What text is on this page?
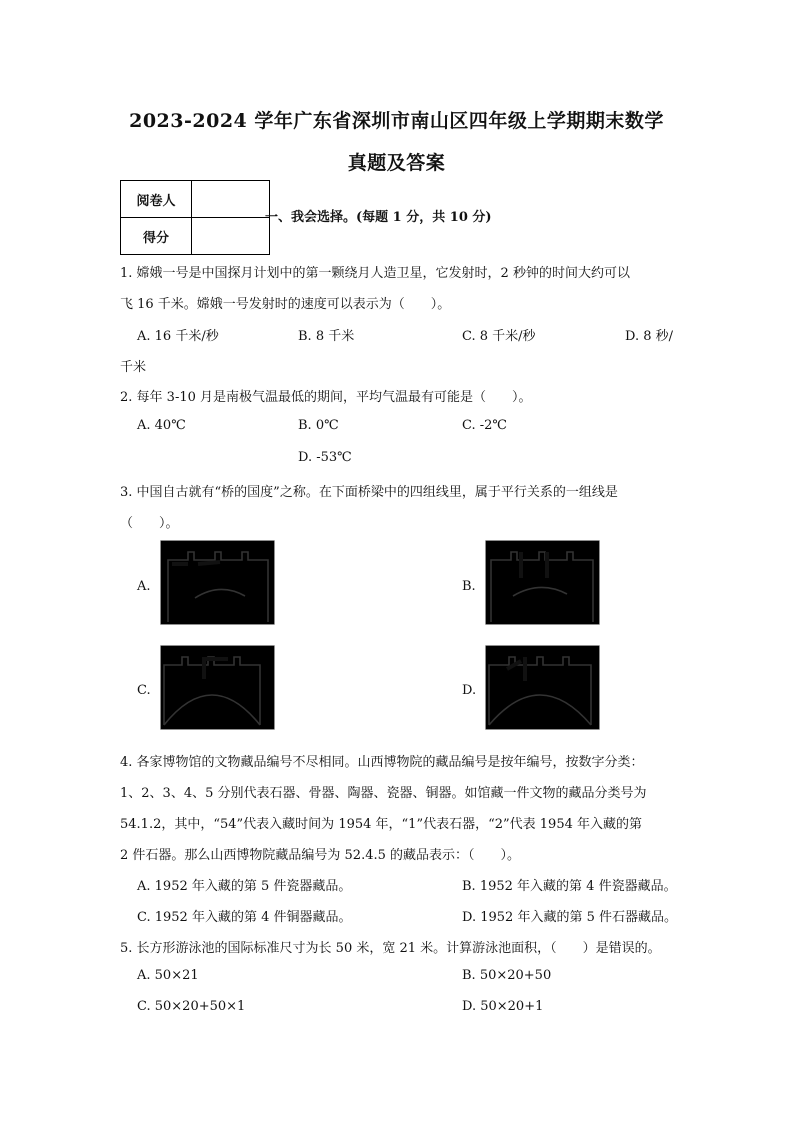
2023-2024 学年广东省深圳市南山区四年级上学期期末数学
真题及答案
阅卷人	
得分	
一、我会选择。(每题 1 分，共 10 分)
1. 嫦娥一号是中国探月计划中的第一颗绕月人造卫星，它发射时，2 秒钟的时间大约可以
飞 16 千米。嫦娥一号发射时的速度可以表示为（　　）。
A. 16 千米/秒	B. 8 千米	C. 8 千米/秒	D. 8 秒/
千米
2. 每年 3-10 月是南极气温最低的期间，平均气温最有可能是（　　）。
A. 40℃	B. 0℃	C. -2℃
D. -53℃
3. 中国自古就有“桥的国度”之称。在下面桥梁中的四组线里，属于平行关系的一组线是
（　　）。
A.	B.
C.	D.
4. 各家博物馆的文物藏品编号不尽相同。山西博物院的藏品编号是按年编号，按数字分类：
1、2、3、4、5 分别代表石器、骨器、陶器、瓷器、铜器。如馆藏一件文物的藏品分类号为
54.1.2，其中，“54”代表入藏时间为 1954 年，“1”代表石器，“2”代表 1954 年入藏的第
2 件石器。那么山西博物院藏品编号为 52.4.5 的藏品表示：（　　）。
A. 1952 年入藏的第 5 件瓷器藏品。	B. 1952 年入藏的第 4 件瓷器藏品。
C. 1952 年入藏的第 4 件铜器藏品。	D. 1952 年入藏的第 5 件石器藏品。
5. 长方形游泳池的国际标准尺寸为长 50 米，宽 21 米。计算游泳池面积，（　　）是错误的。
A. 50×21	B. 50×20+50
C. 50×20+50×1	D. 50×20+1
